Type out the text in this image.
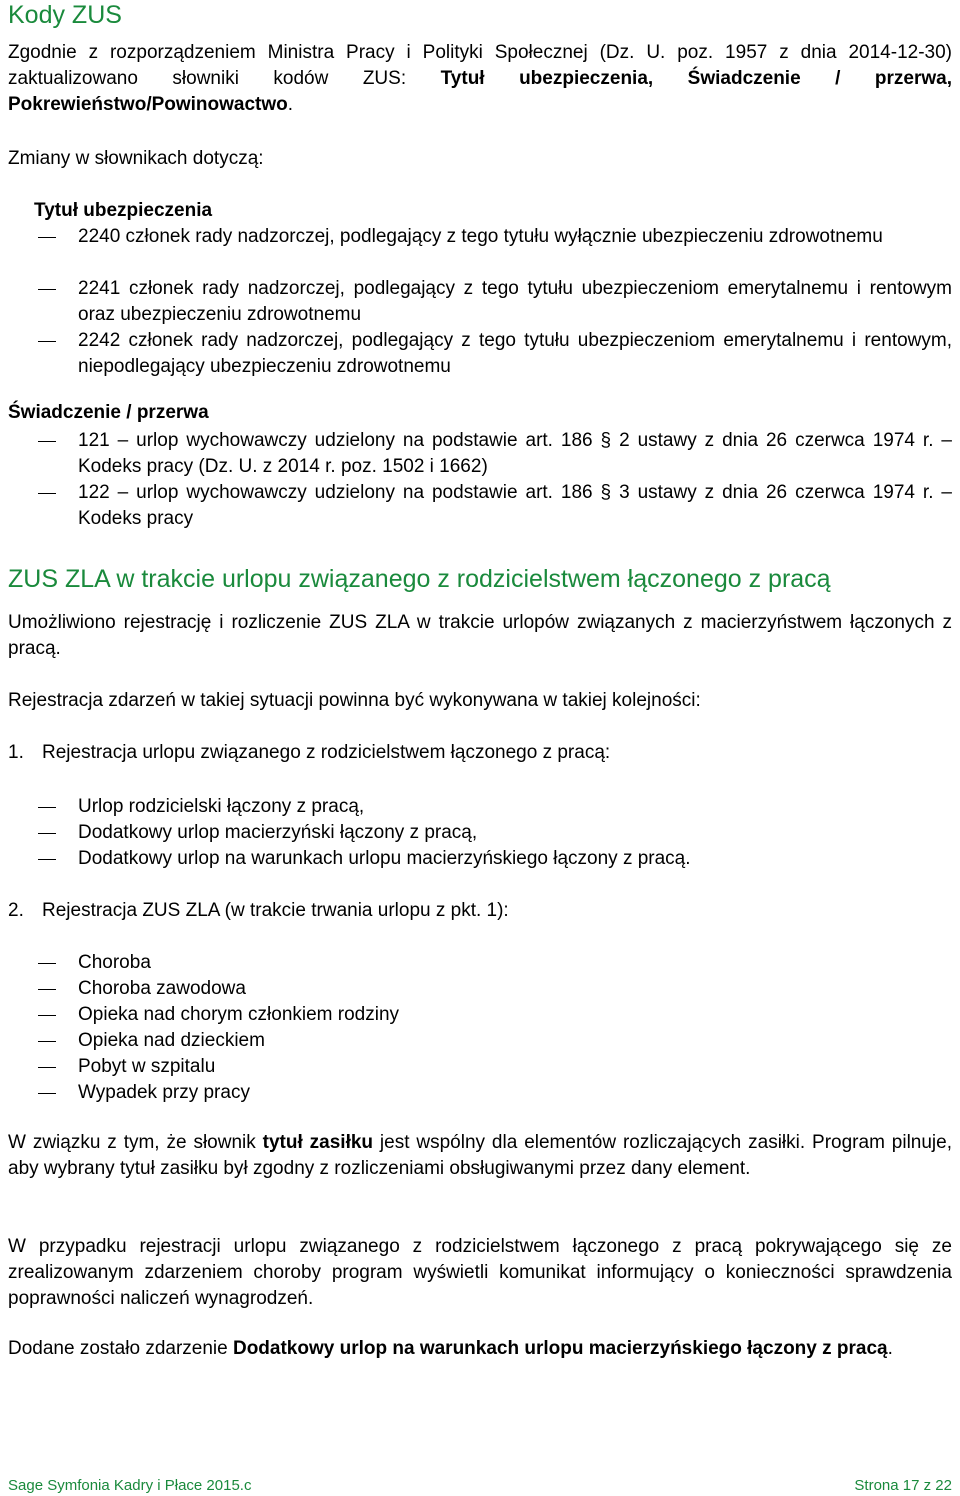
Kody ZUS
Zgodnie z rozporządzeniem Ministra Pracy i Polityki Społecznej (Dz. U. poz. 1957 z dnia 2014-12-30) zaktualizowano słowniki kodów ZUS: Tytuł ubezpieczenia, Świadczenie / przerwa, Pokrewieństwo/Powinowactwo.
Zmiany w słownikach dotyczą:
Tytuł ubezpieczenia
2240 członek rady nadzorczej, podlegający z tego tytułu wyłącznie ubezpieczeniu zdrowotnemu
2241 członek rady nadzorczej, podlegający z tego tytułu ubezpieczeniom emerytalnemu i rentowym oraz ubezpieczeniu zdrowotnemu
2242 członek rady nadzorczej, podlegający z tego tytułu ubezpieczeniom emerytalnemu i rentowym, niepodlegający ubezpieczeniu zdrowotnemu
Świadczenie / przerwa
121 – urlop wychowawczy udzielony na podstawie art. 186 § 2 ustawy z dnia 26 czerwca 1974 r. – Kodeks pracy (Dz. U. z 2014 r. poz. 1502 i 1662)
122 – urlop wychowawczy udzielony na podstawie art. 186 § 3 ustawy z dnia 26 czerwca 1974 r. – Kodeks pracy
ZUS ZLA w trakcie urlopu związanego z rodzicielstwem łączonego z pracą
Umożliwiono rejestrację i rozliczenie ZUS ZLA w trakcie urlopów związanych z macierzyństwem łączonych z pracą.
Rejestracja zdarzeń w takiej sytuacji powinna być wykonywana w takiej kolejności:
1. Rejestracja urlopu związanego z rodzicielstwem łączonego z pracą:
Urlop rodzicielski łączony z pracą,
Dodatkowy urlop macierzyński łączony z pracą,
Dodatkowy urlop na warunkach urlopu macierzyńskiego łączony z pracą.
2. Rejestracja ZUS ZLA (w trakcie trwania urlopu z pkt. 1):
Choroba
Choroba zawodowa
Opieka nad chorym członkiem rodziny
Opieka nad dzieckiem
Pobyt w szpitalu
Wypadek przy pracy
W związku z tym, że słownik tytuł zasiłku jest wspólny dla elementów rozliczających zasiłki. Program pilnuje, aby wybrany tytuł zasiłku był zgodny z rozliczeniami obsługiwanymi przez dany element.
W przypadku rejestracji urlopu związanego z rodzicielstwem łączonego z pracą pokrywającego się ze zrealizowanym zdarzeniem choroby program wyświetli komunikat informujący o konieczności sprawdzenia poprawności naliczeń wynagrodzeń.
Dodane zostało zdarzenie Dodatkowy urlop na warunkach urlopu macierzyńskiego łączony z pracą.
Sage Symfonia Kadry i Płace 2015.c	Strona 17 z 22
